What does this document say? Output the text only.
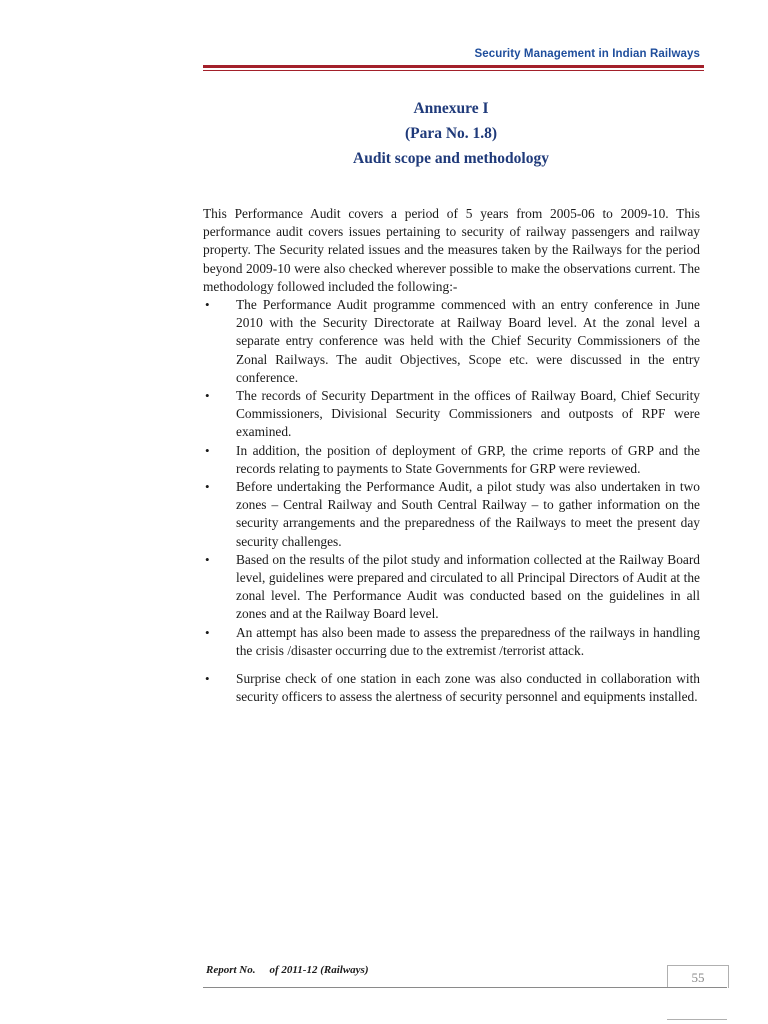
Security Management in Indian Railways
Annexure I
(Para No. 1.8)
Audit scope and methodology

This Performance Audit covers a period of 5 years from 2005-06 to 2009-10. This performance audit covers issues pertaining to security of railway passengers and railway property. The Security related issues and the measures taken by the Railways for the period beyond 2009-10 were also checked wherever possible to make the observations current. The methodology followed included the following:-

• The Performance Audit programme commenced with an entry conference in June 2010 with the Security Directorate at Railway Board level. At the zonal level a separate entry conference was held with the Chief Security Commissioners of the Zonal Railways. The audit Objectives, Scope etc. were discussed in the entry conference.
• The records of Security Department in the offices of Railway Board, Chief Security Commissioners, Divisional Security Commissioners and outposts of RPF were examined.
• In addition, the position of deployment of GRP, the crime reports of GRP and the records relating to payments to State Governments for GRP were reviewed.
• Before undertaking the Performance Audit, a pilot study was also undertaken in two zones – Central Railway and South Central Railway – to gather information on the security arrangements and the preparedness of the Railways to meet the present day security challenges.
• Based on the results of the pilot study and information collected at the Railway Board level, guidelines were prepared and circulated to all Principal Directors of Audit at the zonal level. The Performance Audit was conducted based on the guidelines in all zones and at the Railway Board level.
• An attempt has also been made to assess the preparedness of the railways in handling the crisis /disaster occurring due to the extremist /terrorist attack.
• Surprise check of one station in each zone was also conducted in collaboration with security officers to assess the alertness of security personnel and equipments installed.
Report No. of 2011-12 (Railways)	55
